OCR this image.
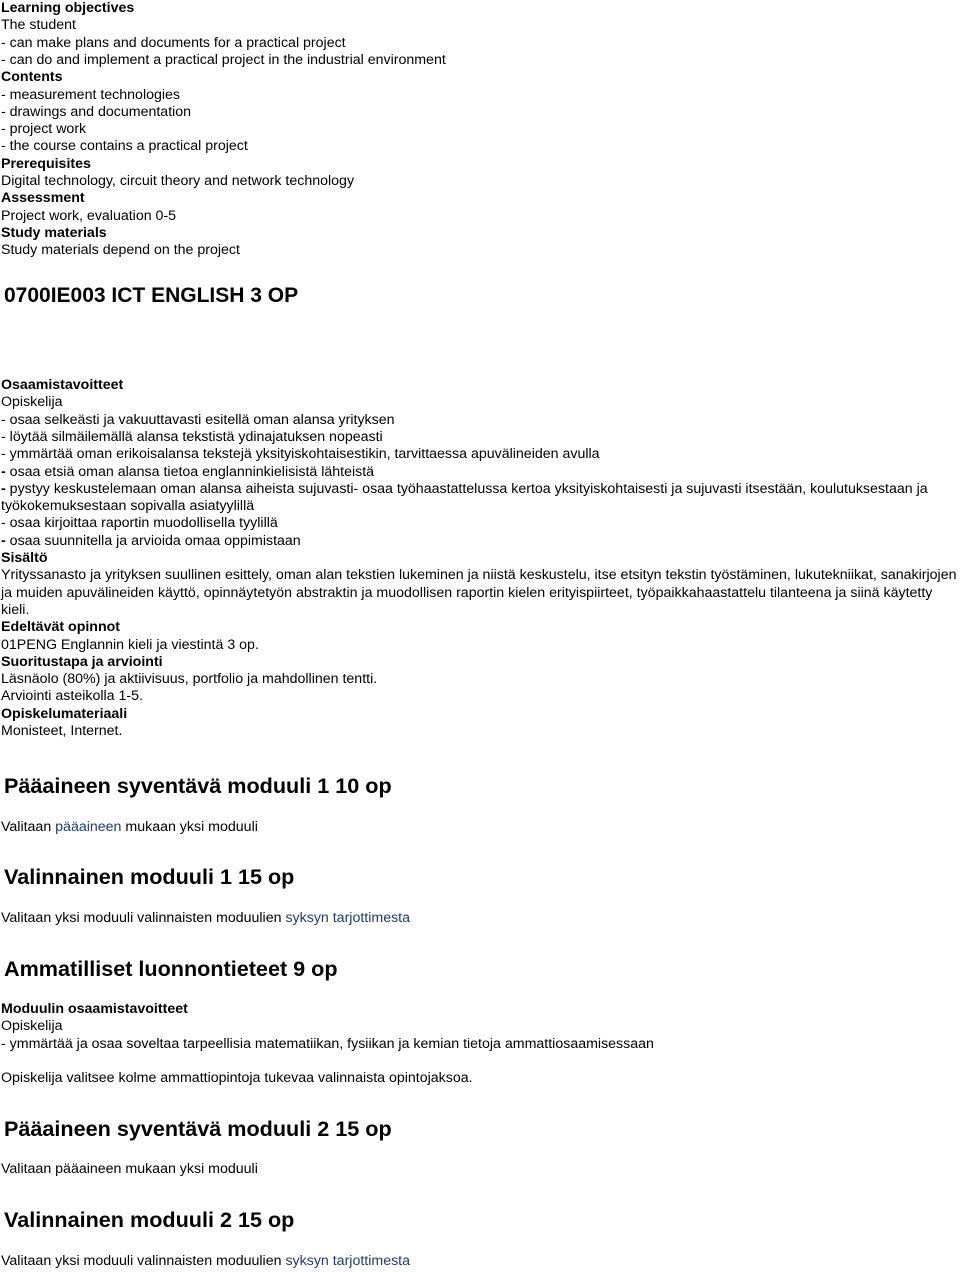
Learning objectives
The student
- can make plans and documents for a practical project
- can do and implement a practical project in the industrial environment
Contents
- measurement technologies
- drawings and documentation
- project work
- the course contains a practical project
Prerequisites
Digital technology, circuit theory and network technology
Assessment
Project work, evaluation 0-5
Study materials
Study materials depend on the project
0700IE003 ICT ENGLISH 3 OP
Osaamistavoitteet
Opiskelija
- osaa selkeästi ja vakuuttavasti esitellä oman alansa yrityksen
- löytää silmäilemällä alansa tekstistä ydinajatuksen nopeasti
- ymmärtää oman erikoisalansa tekstejä yksityiskohtaisestikin, tarvittaessa apuvälineiden avulla
- osaa etsiä oman alansa tietoa englanninkielisistä lähteistä
- pystyy keskustelemaan oman alansa aiheista sujuvasti- osaa työhaastattelussa kertoa yksityiskohtaisesti ja sujuvasti itsestään, koulutuksestaan ja työkokemuksestaan sopivalla asiatyylillä
- osaa kirjoittaa raportin muodollisella tyylillä
- osaa suunnitella ja arvioida omaa oppimistaan
Sisältö
Yrityssanasto ja yrityksen suullinen esittely, oman alan tekstien lukeminen ja niistä keskustelu, itse etsityn tekstin työstäminen, lukutekniikat, sanakirjojen ja muiden apuvälineiden käyttö, opinnäytetyön abstraktin ja muodollisen raportin kielen erityispiirteet, työpaikkahaastattelu tilanteena ja siinä käytetty kieli.
Edeltävät opinnot
01PENG Englannin kieli ja viestintä 3 op.
Suoritustapa ja arviointi
Läsnäolo (80%) ja aktiivisuus, portfolio ja mahdollinen tentti.
Arviointi asteikolla 1-5.
Opiskelumateriaali
Monisteet, Internet.
Pääaineen syventävä moduuli 1 10 op
Valitaan pääaineen mukaan yksi moduuli
Valinnainen moduuli 1 15 op
Valitaan yksi moduuli valinnaisten moduulien syksyn tarjottimesta
Ammatilliset luonnontieteet 9 op
Moduulin osaamistavoitteet
Opiskelija
- ymmärtää ja osaa soveltaa tarpeellisia matematiikan, fysiikan ja kemian tietoja ammattiosaamisessaan
Opiskelija valitsee kolme ammattiopintoja tukevaa valinnaista opintojaksoa.
Pääaineen syventävä moduuli 2 15 op
Valitaan pääaineen mukaan yksi moduuli
Valinnainen moduuli 2 15 op
Valitaan yksi moduuli valinnaisten moduulien syksyn tarjottimesta
